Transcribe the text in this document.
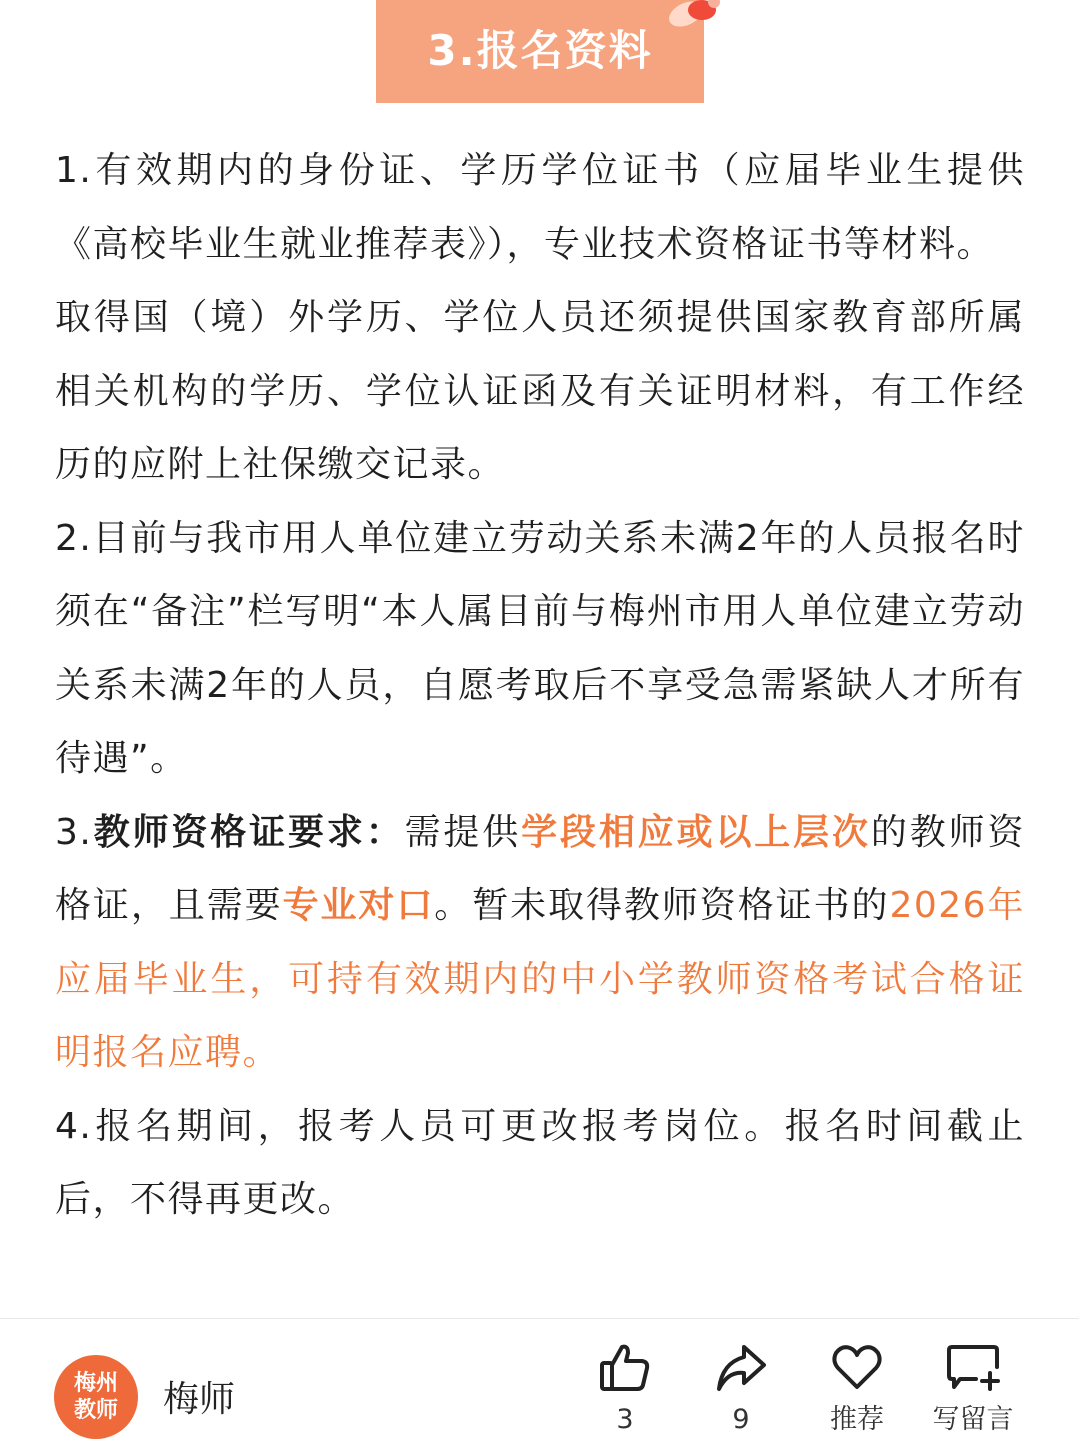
3.报名资料

1.有效期内的身份证、学历学位证书（应届毕业生提供《高校毕业生就业推荐表》），专业技术资格证书等材料。

取得国（境）外学历、学位人员还须提供国家教育部所属相关机构的学历、学位认证函及有关证明材料，有工作经历的应附上社保缴交记录。

2.目前与我市用人单位建立劳动关系未满2年的人员报名时须在“备注”栏写明“本人属目前与梅州市用人单位建立劳动关系未满2年的人员，自愿考取后不享受急需紧缺人才所有待遇”。

3.教师资格证要求：需提供学段相应或以上层次的教师资格证，且需要专业对口。暂未取得教师资格证书的2026年应届毕业生，可持有效期内的中小学教师资格考试合格证明报名应聘。

4.报名期间，报考人员可更改报考岗位。报名时间截止后，不得再更改。

梅州
教师 梅师	3	9	推荐	写留言
